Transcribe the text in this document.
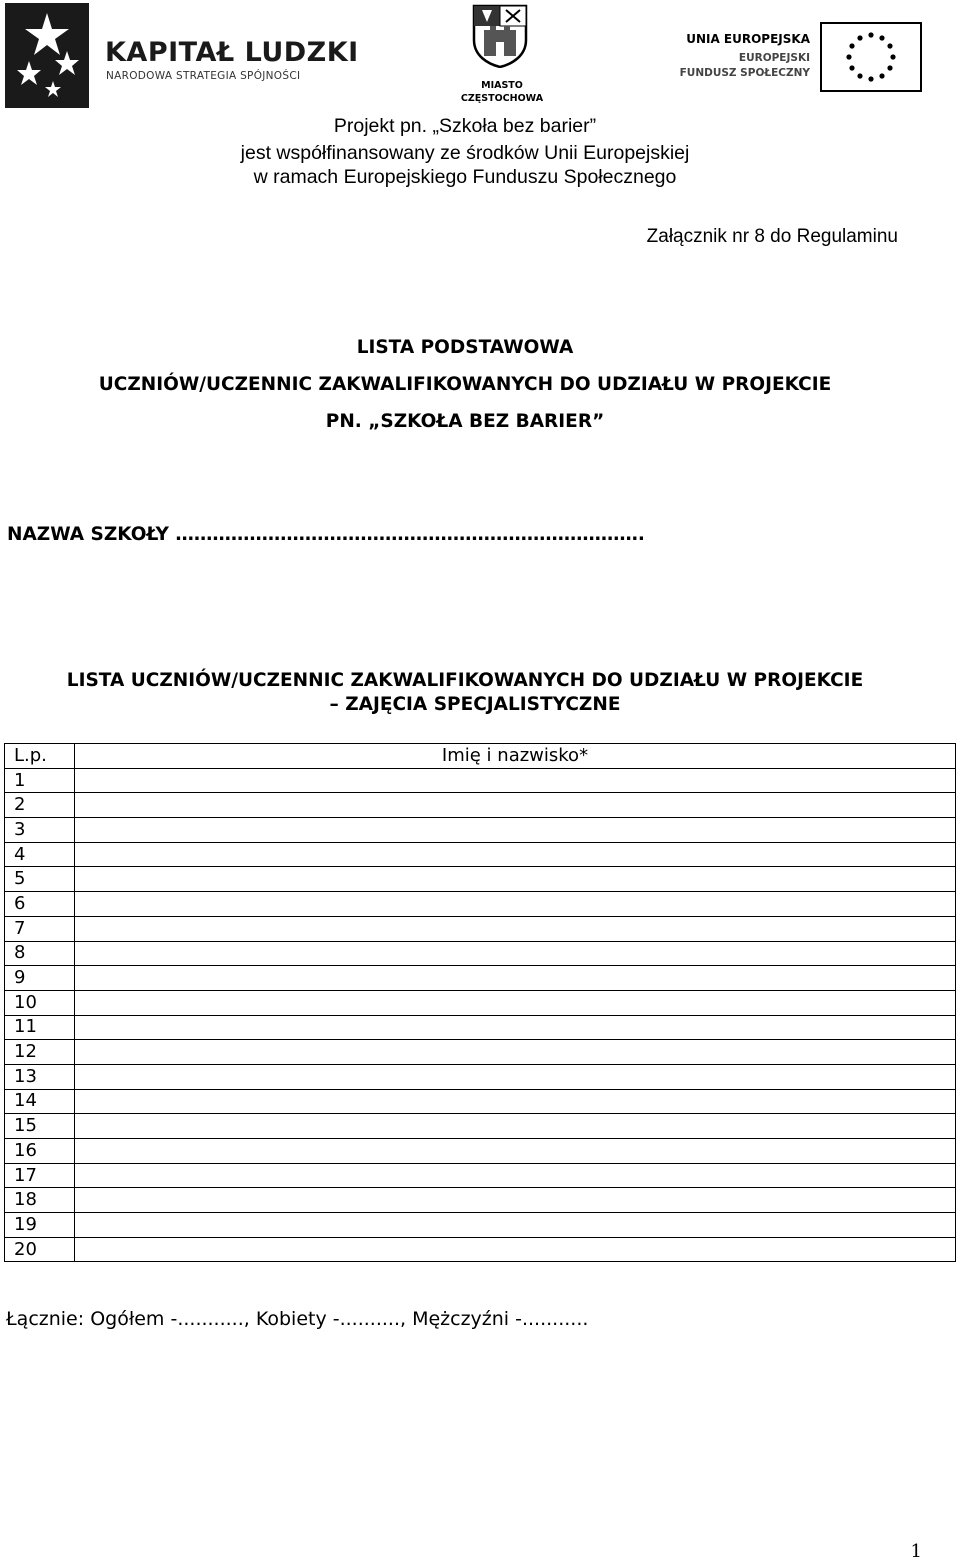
KAPITAŁ LUDZKI
NARODOWA STRATEGIA SPÓJNOŚCI
MIASTO
CZĘSTOCHOWA
UNIA EUROPEJSKA
EUROPEJSKI
FUNDUSZ SPOŁECZNY
Projekt pn. „Szkoła bez barier”
jest współfinansowany ze środków Unii Europejskiej
w ramach Europejskiego Funduszu Społecznego
Załącznik nr 8 do Regulaminu
LISTA PODSTAWOWA
UCZNIÓW/UCZENNIC ZAKWALIFIKOWANYCH DO UDZIAŁU W PROJEKCIE
PN. „SZKOŁA BEZ BARIER”
NAZWA SZKOŁY ………………………………………………………………….
LISTA UCZNIÓW/UCZENNIC ZAKWALIFIKOWANYCH DO UDZIAŁU W PROJEKCIE
– ZAJĘCIA SPECJALISTYCZNE
L.p.	Imię i nazwisko*
1	
2	
3	
4	
5	
6	
7	
8	
9	
10	
11	
12	
13	
14	
15	
16	
17	
18	
19	
20	
Łącznie: Ogółem -..........., Kobiety -.........., Mężczyźni -...........
1
